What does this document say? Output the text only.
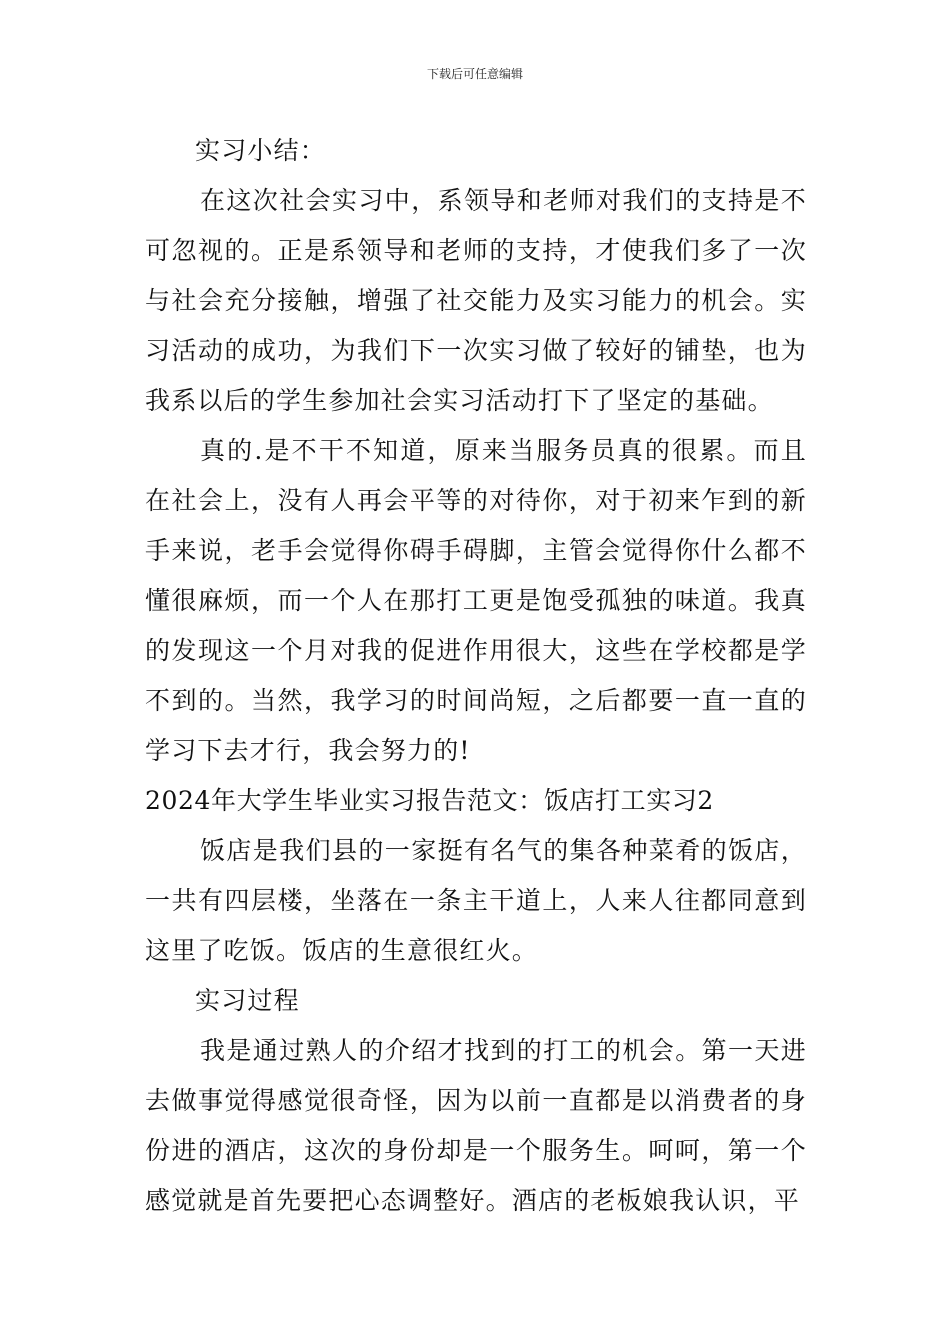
下载后可任意编辑

实习小结：

在这次社会实习中，系领导和老师对我们的支持是不可忽视的。正是系领导和老师的支持，才使我们多了一次与社会充分接触，增强了社交能力及实习能力的机会。实习活动的成功，为我们下一次实习做了较好的铺垫，也为我系以后的学生参加社会实习活动打下了坚定的基础。

真的.是不干不知道，原来当服务员真的很累。而且在社会上，没有人再会平等的对待你，对于初来乍到的新手来说，老手会觉得你碍手碍脚，主管会觉得你什么都不懂很麻烦，而一个人在那打工更是饱受孤独的味道。我真的发现这一个月对我的促进作用很大，这些在学校都是学不到的。当然，我学习的时间尚短，之后都要一直一直的学习下去才行，我会努力的!

2024年大学生毕业实习报告范文：饭店打工实习2

饭店是我们县的一家挺有名气的集各种菜肴的饭店，一共有四层楼，坐落在一条主干道上，人来人往都同意到这里了吃饭。饭店的生意很红火。

实习过程

我是通过熟人的介绍才找到的打工的机会。第一天进去做事觉得感觉很奇怪，因为以前一直都是以消费者的身份进的酒店，这次的身份却是一个服务生。呵呵，第一个感觉就是首先要把心态调整好。酒店的老板娘我认识，平
